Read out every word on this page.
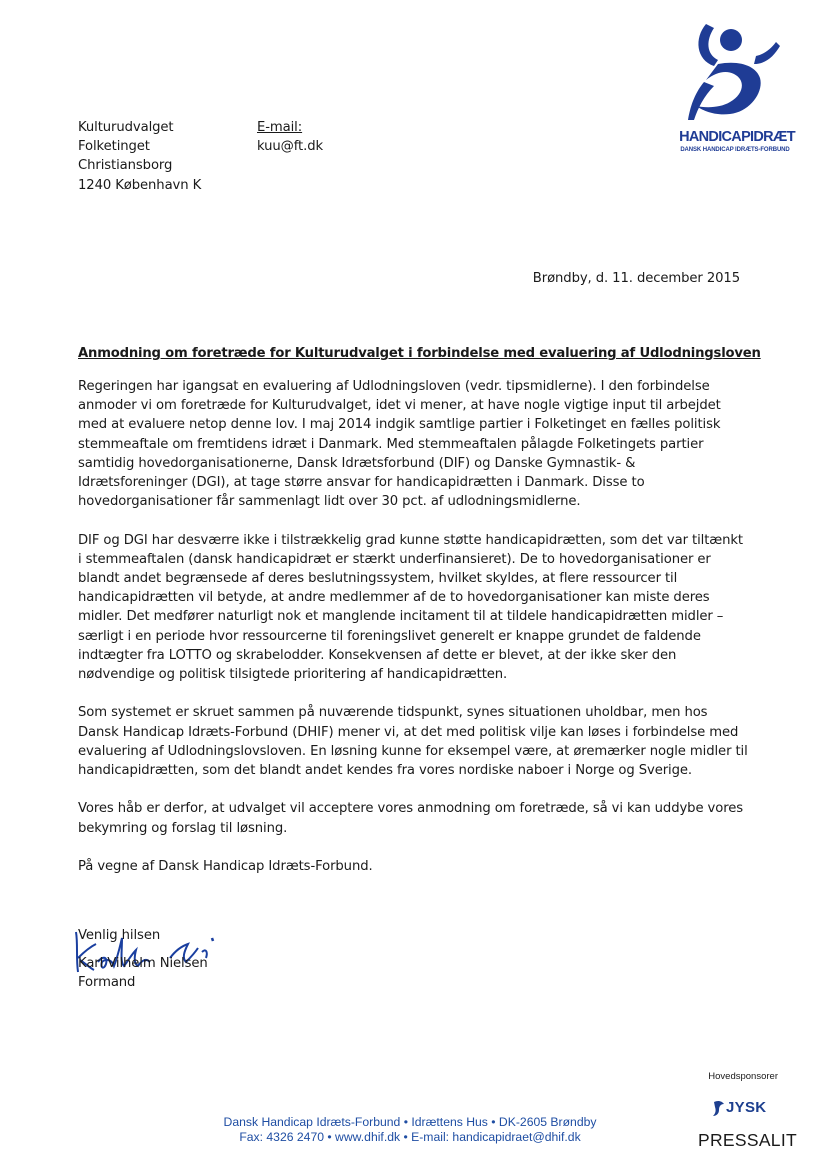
HANDICAPIDRÆT
DANSK HANDICAP IDRÆTS-FORBUND
Kulturudvalget
Folketinget
Christiansborg
1240 København K
E-mail:
kuu@ft.dk
Brøndby, d. 11. december 2015
Anmodning om foretræde for Kulturudvalget i forbindelse med evaluering af Udlodningsloven

Regeringen har igangsat en evaluering af Udlodningsloven (vedr. tipsmidlerne). I den forbindelse anmoder vi om foretræde for Kulturudvalget, idet vi mener, at have nogle vigtige input til arbejdet med at evaluere netop denne lov. I maj 2014 indgik samtlige partier i Folketinget en fælles politisk stemmeaftale om fremtidens idræt i Danmark. Med stemmeaftalen pålagde Folketingets partier samtidig hovedorganisationerne, Dansk Idrætsforbund (DIF) og Danske Gymnastik- & Idrætsforeninger (DGI), at tage større ansvar for handicapidrætten i Danmark. Disse to hovedorganisationer får sammenlagt lidt over 30 pct. af udlodningsmidlerne.

DIF og DGI har desværre ikke i tilstrækkelig grad kunne støtte handicapidrætten, som det var tiltænkt i stemmeaftalen (dansk handicapidræt er stærkt underfinansieret). De to hovedorganisationer er blandt andet begrænsede af deres beslutningssystem, hvilket skyldes, at flere ressourcer til handicapidrætten vil betyde, at andre medlemmer af de to hovedorganisationer kan miste deres midler. Det medfører naturligt nok et manglende incitament til at tildele handicapidrætten midler – særligt i en periode hvor ressourcerne til foreningslivet generelt er knappe grundet de faldende indtægter fra LOTTO og skrabelodder. Konsekvensen af dette er blevet, at der ikke sker den nødvendige og politisk tilsigtede prioritering af handicapidrætten.

Som systemet er skruet sammen på nuværende tidspunkt, synes situationen uholdbar, men hos Dansk Handicap Idræts-Forbund (DHIF) mener vi, at det med politisk vilje kan løses i forbindelse med evaluering af Udlodningslovsloven. En løsning kunne for eksempel være, at øremærker nogle midler til handicapidrætten, som det blandt andet kendes fra vores nordiske naboer i Norge og Sverige.

Vores håb er derfor, at udvalget vil acceptere vores anmodning om foretræde, så vi kan uddybe vores bekymring og forslag til løsning.

På vegne af Dansk Handicap Idræts-Forbund.

Venlig hilsen
Karl Vilhelm Nielsen
Formand
Hovedsponsorer
JYSK
PRESSALIT
Dansk Handicap Idræts-Forbund • Idrættens Hus • DK-2605 Brøndby
Fax: 4326 2470 • www.dhif.dk • E-mail: handicapidraet@dhif.dk
